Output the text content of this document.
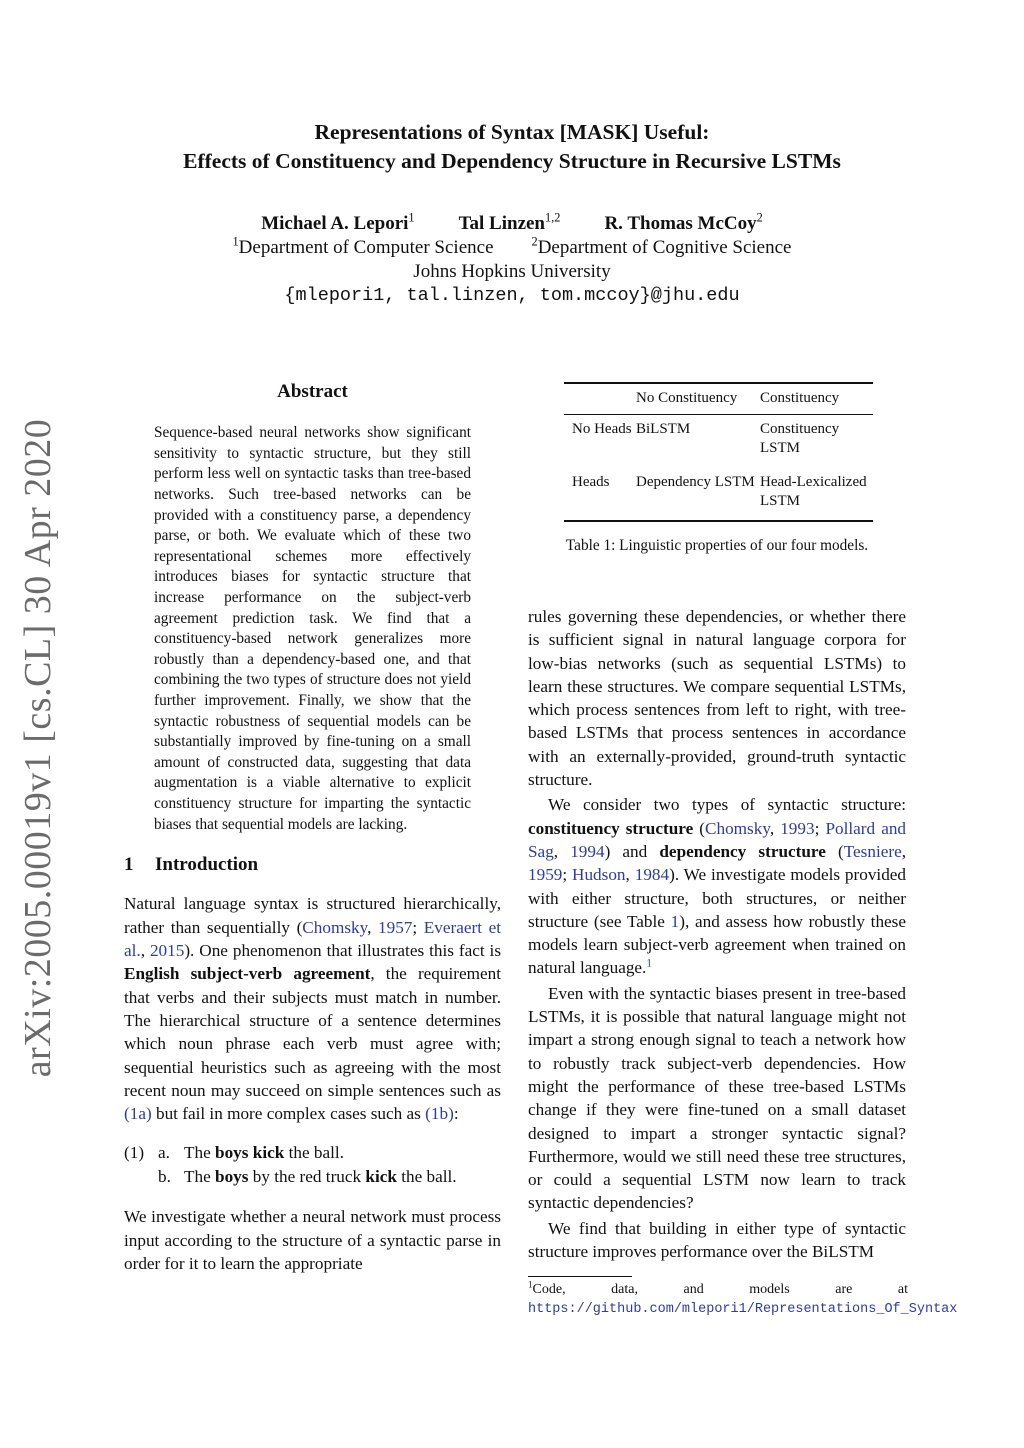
arXiv:2005.00019v1 [cs.CL] 30 Apr 2020
Representations of Syntax [MASK] Useful:
Effects of Constituency and Dependency Structure in Recursive LSTMs
Michael A. Lepori$^1$ Tal Linzen$^{1,2}$ R. Thomas McCoy$^2$
$^1$Department of Computer Science	$^2$Department of Cognitive Science
Johns Hopkins University
{mlepori1, tal.linzen, tom.mccoy}@jhu.edu
Abstract
Sequence-based neural networks show significant sensitivity to syntactic structure, but they still perform less well on syntactic tasks than tree-based networks. Such tree-based networks can be provided with a constituency parse, a dependency parse, or both. We evaluate which of these two representational schemes more effectively introduces biases for syntactic structure that increase performance on the subject-verb agreement prediction task. We find that a constituency-based network generalizes more robustly than a dependency-based one, and that combining the two types of structure does not yield further improvement. Finally, we show that the syntactic robustness of sequential models can be substantially improved by fine-tuning on a small amount of constructed data, suggesting that data augmentation is a viable alternative to explicit constituency structure for imparting the syntactic biases that sequential models are lacking.
1 Introduction

Natural language syntax is structured hierarchically, rather than sequentially (Chomsky, 1957; Everaert et al., 2015). One phenomenon that illustrates this fact is English subject-verb agreement, the requirement that verbs and their subjects must match in number. The hierarchical structure of a sentence determines which noun phrase each verb must agree with; sequential heuristics such as agreeing with the most recent noun may succeed on simple sentences such as (1a) but fail in more complex cases such as (1b):

(1) a. The boys kick the ball.
b. The boys by the red truck kick the ball.

We investigate whether a neural network must process input according to the structure of a syntactic parse in order for it to learn the appropriate

	No Constituency	Constituency
No Heads	BiLSTM	Constituency LSTM
Heads	Dependency LSTM	Head-Lexicalized LSTM
Table 1: Linguistic properties of our four models.

rules governing these dependencies, or whether there is sufficient signal in natural language corpora for low-bias networks (such as sequential LSTMs) to learn these structures. We compare sequential LSTMs, which process sentences from left to right, with tree-based LSTMs that process sentences in accordance with an externally-provided, ground-truth syntactic structure.

We consider two types of syntactic structure: constituency structure (Chomsky, 1993; Pollard and Sag, 1994) and dependency structure (Tesniere, 1959; Hudson, 1984). We investigate models provided with either structure, both structures, or neither structure (see Table 1), and assess how robustly these models learn subject-verb agreement when trained on natural language.$^1$

Even with the syntactic biases present in tree-based LSTMs, it is possible that natural language might not impart a strong enough signal to teach a network how to robustly track subject-verb dependencies. How might the performance of these tree-based LSTMs change if they were fine-tuned on a small dataset designed to impart a stronger syntactic signal? Furthermore, would we still need these tree structures, or could a sequential LSTM now learn to track syntactic dependencies?

We find that building in either type of syntactic structure improves performance over the BiLSTM

$^1$Code, data, and models are at https://github.com/mlepori1/Representations_Of_Syntax
